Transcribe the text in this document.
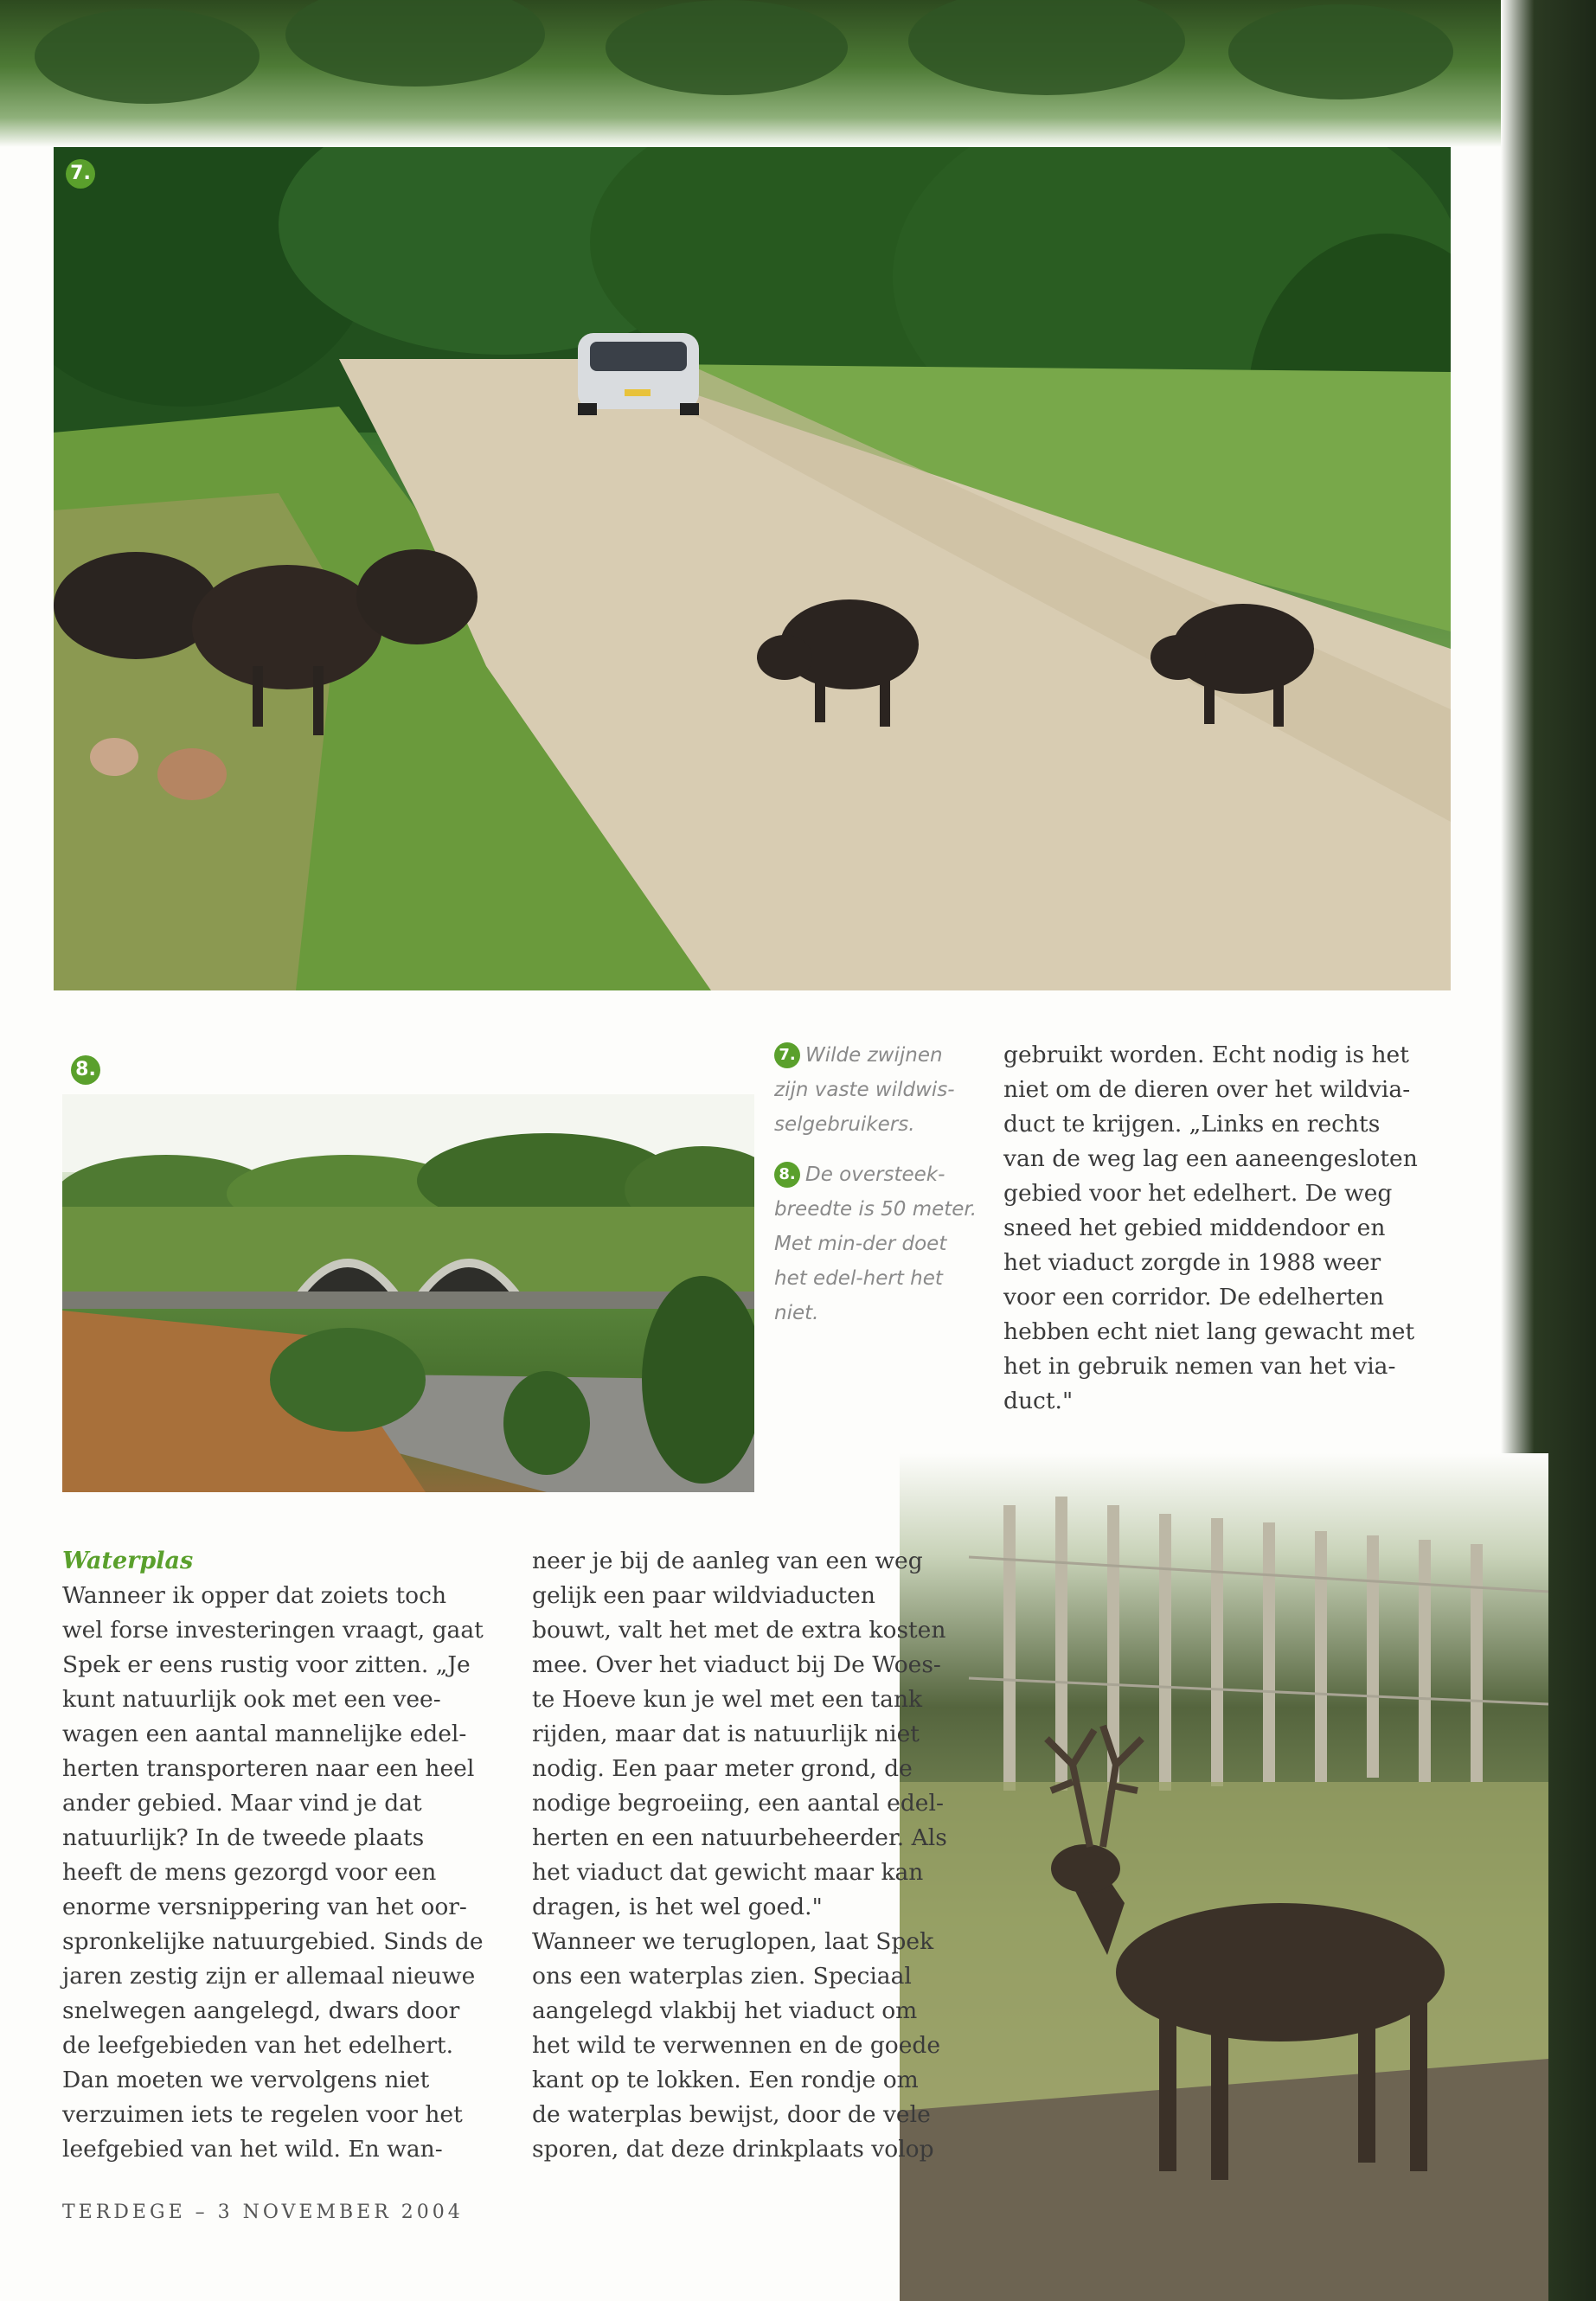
7.
8.

7. Wilde zwijnen zijn vaste wildwis-selgebruikers.

8. De oversteek-breedte is 50 meter. Met min-der doet het edel-hert het niet.

gebruikt worden. Echt nodig is het
niet om de dieren over het wildvia-
duct te krijgen. „Links en rechts
van de weg lag een aaneengesloten
gebied voor het edelhert. De weg
sneed het gebied middendoor en
het viaduct zorgde in 1988 weer
voor een corridor. De edelherten
hebben echt niet lang gewacht met
het in gebruik nemen van het via-
duct."

Waterplas

Wanneer ik opper dat zoiets toch
wel forse investeringen vraagt, gaat
Spek er eens rustig voor zitten. „Je
kunt natuurlijk ook met een vee-
wagen een aantal mannelijke edel-
herten transporteren naar een heel
ander gebied. Maar vind je dat
natuurlijk? In de tweede plaats
heeft de mens gezorgd voor een
enorme versnippering van het oor-
spronkelijke natuurgebied. Sinds de
jaren zestig zijn er allemaal nieuwe
snelwegen aangelegd, dwars door
de leefgebieden van het edelhert.
Dan moeten we vervolgens niet
verzuimen iets te regelen voor het
leefgebied van het wild. En wan-

neer je bij de aanleg van een weg
gelijk een paar wildviaducten
bouwt, valt het met de extra kosten
mee. Over het viaduct bij De Woes-
te Hoeve kun je wel met een tank
rijden, maar dat is natuurlijk niet
nodig. Een paar meter grond, de
nodige begroeiing, een aantal edel-
herten en een natuurbeheerder. Als
het viaduct dat gewicht maar kan
dragen, is het wel goed."
Wanneer we teruglopen, laat Spek
ons een waterplas zien. Speciaal
aangelegd vlakbij het viaduct om
het wild te verwennen en de goede
kant op te lokken. Een rondje om
de waterplas bewijst, door de vele
sporen, dat deze drinkplaats volop

TERDEGE – 3 NOVEMBER 2004
